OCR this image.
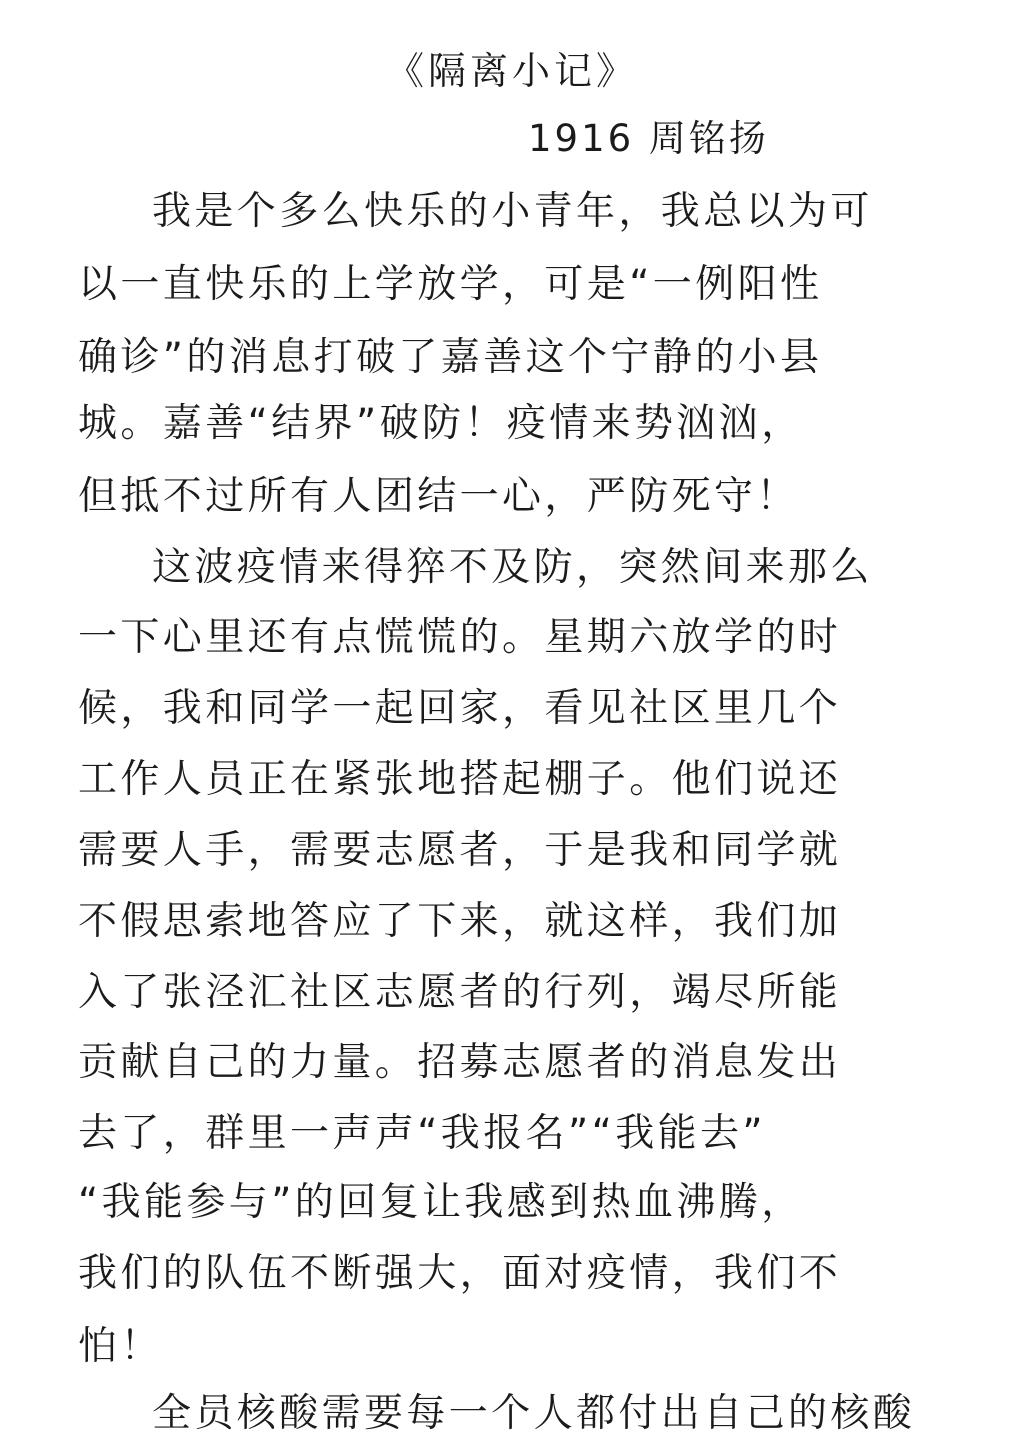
《隔离小记》
1916 周铭扬
我是个多么快乐的小青年，我总以为可
以一直快乐的上学放学，可是“一例阳性
确诊”的消息打破了嘉善这个宁静的小县
城。嘉善“结界”破防！疫情来势汹汹，
但抵不过所有人团结一心，严防死守！
这波疫情来得猝不及防，突然间来那么
一下心里还有点慌慌的。星期六放学的时
候，我和同学一起回家，看见社区里几个
工作人员正在紧张地搭起棚子。他们说还
需要人手，需要志愿者，于是我和同学就
不假思索地答应了下来，就这样，我们加
入了张泾汇社区志愿者的行列，竭尽所能
贡献自己的力量。招募志愿者的消息发出
去了，群里一声声“我报名”“我能去”
“我能参与”的回复让我感到热血沸腾，
我们的队伍不断强大，面对疫情，我们不
怕！
全员核酸需要每一个人都付出自己的核酸
